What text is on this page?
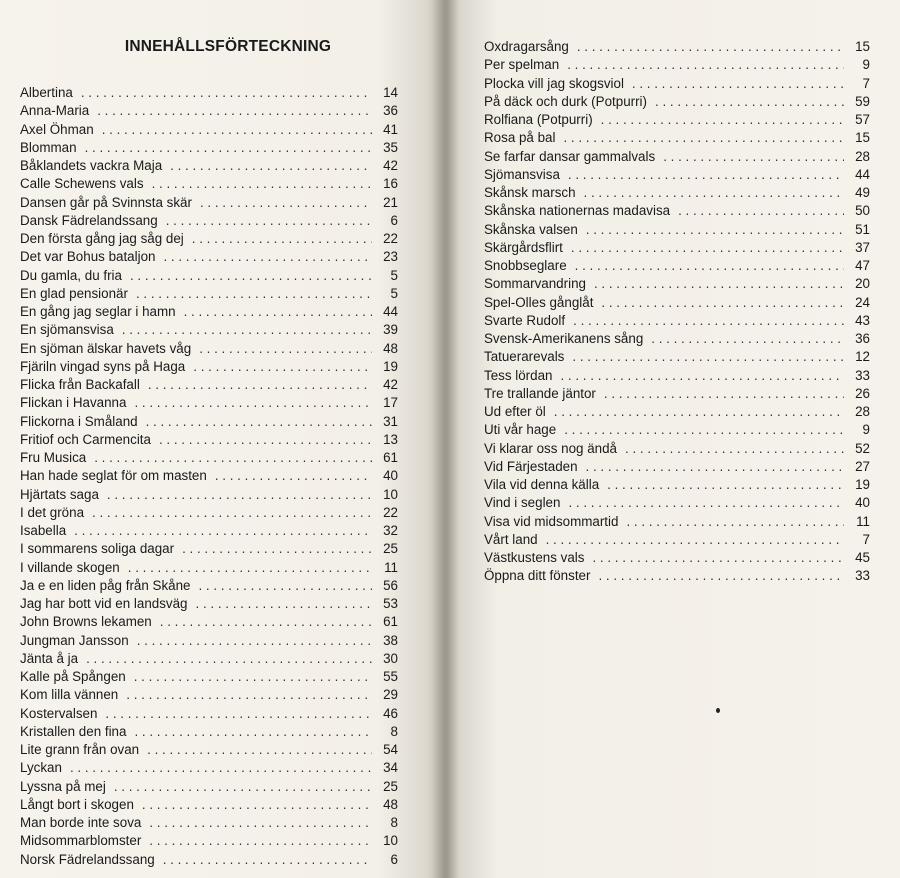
INNEHÅLLSFÖRTECKNING
Albertina . . .	14
Anna-Maria . . .	36
Axel Öhman . . .	41
Blomman . . .	35
Båklandets vackra Maja . . .	42
Calle Schewens vals . . .	16
Dansen går på Svinnsta skär . . .	21
Dansk Fädrelandssang . . .	6
Den första gång jag såg dej . . .	22
Det var Bohus bataljon . . .	23
Du gamla, du fria . . .	5
En glad pensionär . . .	5
En gång jag seglar i hamn . . .	44
En sjömansvisa . . .	39
En sjöman älskar havets våg . . .	48
Fjäriln vingad syns på Haga . . .	19
Flicka från Backafall . . .	42
Flickan i Havanna . . .	17
Flickorna i Småland . . .	31
Fritiof och Carmencita . . .	13
Fru Musica . . .	61
Han hade seglat för om masten . . .	40
Hjärtats saga . . .	10
I det gröna . . .	22
Isabella . . .	32
I sommarens soliga dagar . . .	25
I villande skogen . . .	11
Ja e en liden påg från Skåne . . .	56
Jag har bott vid en landsväg . . .	53
John Browns lekamen . . .	61
Jungman Jansson . . .	38
Jänta å ja . . .	30
Kalle på Spången . . .	55
Kom lilla vännen . . .	29
Kostervalsen . . .	46
Kristallen den fina . . .	8
Lite grann från ovan . . .	54
Lyckan . . .	34
Lyssna på mej . . .	25
Långt bort i skogen . . .	48
Man borde inte sova . . .	8
Midsommarblomster . . .	10
Norsk Fädrelandssang . . .	6
Oxdragarsång . . .	15
Per spelman . . .	9
Plocka vill jag skogsviol . . .	7
På däck och durk (Potpurri) . . .	59
Rolfiana (Potpurri) . . .	57
Rosa på bal . . .	15
Se farfar dansar gammalvals . . .	28
Sjömansvisa . . .	44
Skånsk marsch . . .	49
Skånska nationernas madavisa . . .	50
Skånska valsen . . .	51
Skärgårdsflirt . . .	37
Snobbseglare . . .	47
Sommarvandring . . .	20
Spel-Olles gånglåt . . .	24
Svarte Rudolf . . .	43
Svensk-Amerikanens sång . . .	36
Tatuerarevals . . .	12
Tess lördan . . .	33
Tre trallande jäntor . . .	26
Ud efter öl . . .	28
Uti vår hage . . .	9
Vi klarar oss nog ändå . . .	52
Vid Färjestaden . . .	27
Vila vid denna källa . . .	19
Vind i seglen . . .	40
Visa vid midsommartid . . .	11
Vårt land . . .	7
Västkustens vals . . .	45
Öppna ditt fönster . . .	33
